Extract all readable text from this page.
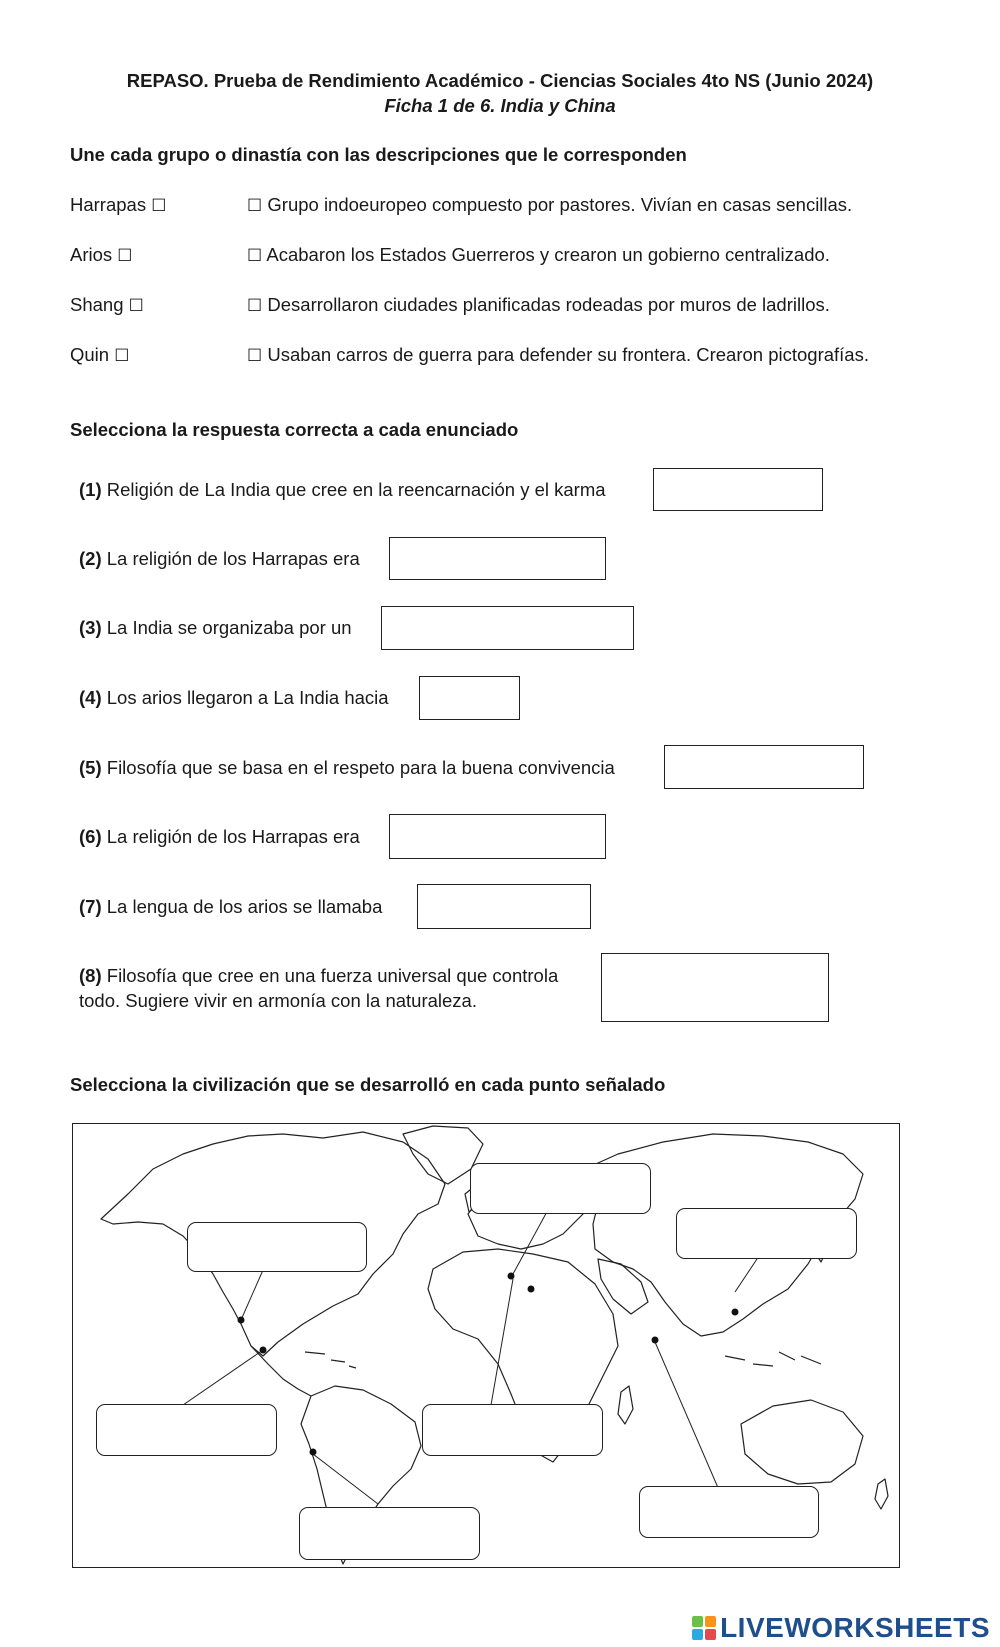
REPASO. Prueba de Rendimiento Académico - Ciencias Sociales 4to NS (Junio 2024)
Ficha 1 de 6. India y China
Une cada grupo o dinastía con las descripciones que le corresponden
Harrapas ☐
Arios ☐
Shang ☐
Quin ☐
☐ Grupo indoeuropeo compuesto por pastores. Vivían en casas sencillas.
☐ Acabaron los Estados Guerreros y crearon un gobierno centralizado.
☐ Desarrollaron ciudades planificadas rodeadas por muros de ladrillos.
☐ Usaban carros de guerra para defender su frontera. Crearon pictografías.
Selecciona la respuesta correcta a cada enunciado
(1) Religión de La India que cree en la reencarnación y el karma
(2) La religión de los Harrapas era
(3) La India se organizaba por un
(4) Los arios llegaron a La India hacia
(5) Filosofía que se basa en el respeto para la buena convivencia
(6) La religión de los Harrapas era
(7) La lengua de los arios se llamaba
(8) Filosofía que cree en una fuerza universal que controla
todo. Sugiere vivir en armonía con la naturaleza.
Selecciona la civilización que se desarrolló en cada punto señalado
LIVEWORKSHEETS
